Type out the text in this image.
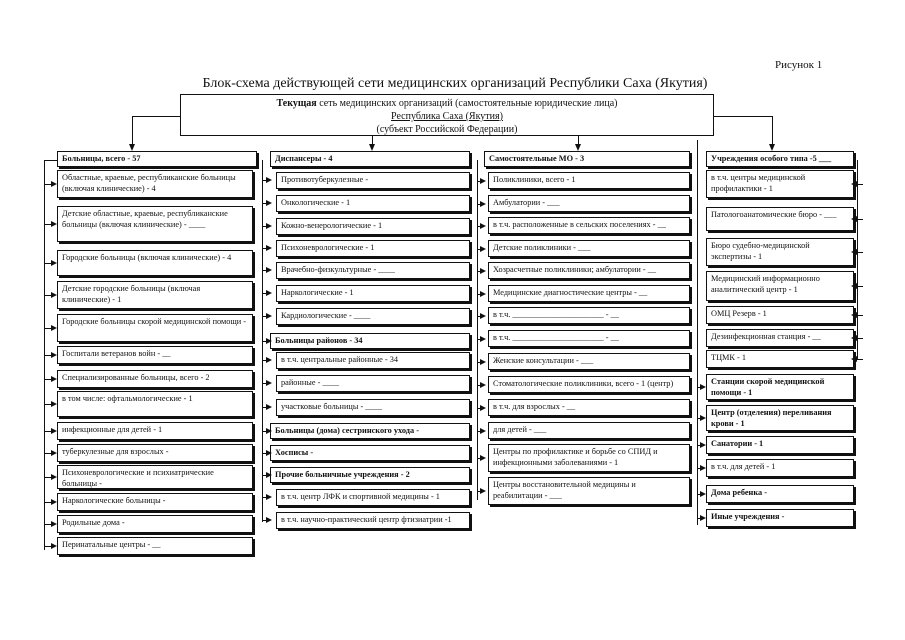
Рисунок 1
Блок-схема действующей сети медицинских организаций Республики Саха (Якутия)
Текущая сеть медицинских организаций (самостоятельные юридические лица)
Республика Саха (Якутия)
(субъект Российской Федерации)
Больницы, всего - 57	Диспансеры - 4	Самостоятельные МО - 3	Учреждения особого типа -5 ___
Областные, краевые, республиканские больницы (включая клинические) - 4
Детские областные, краевые, республиканские больницы (включая клинические) - ____
Городские больницы (включая клинические) - 4
Детские городские больницы (включая клинические) - 1
Городские больницы скорой медицинской помощи -
Госпитали ветеранов войн - __
Специализированные больницы, всего - 2
в том числе: офтальмологические - 1
инфекционные для детей - 1
туберкулезные для взрослых -
Психоневрологические и психиатрические больницы -
Наркологические больницы -
Родильные дома -
Перинатальные центры - __
Противотуберкулезные -
Онкологические - 1
Кожно-венерологические - 1
Психоневрологические - 1
Врачебно-физкультурные - ____
Наркологические - 1
Кардиологические - ____
Больницы районов - 34
в т.ч. центральные районные - 34
районные - ____
участковые больницы - ____
Больницы (дома) сестринского ухода -
Хосписы -
Прочие больничные учреждения - 2
в т.ч. центр ЛФК и спортивной медицины - 1
в т.ч. научно-практический центр фтизиатрии -1
Поликлиники, всего - 1
Амбулатории - ___
в т.ч. расположенные в сельских поселениях - __
Детские поликлиники - ___
Хозрасчетные поликлиники; амбулатории - __
Медицинские диагностические центры - __
в т.ч. ______________________ - __
в т.ч. ______________________ - __
Женские консультации - ___
Стоматологические поликлиники, всего - 1 (центр)
в т.ч. для взрослых - __
для детей - ___
Центры по профилактике и борьбе со СПИД и инфекционными заболеваниями - 1
Центры восстановительной медицины и реабилитации - ___
в т.ч. центры медицинской профилактики - 1
Патологоанатомические бюро - ___
Бюро судебно-медицинской экспертизы - 1
Медицинский информационно аналитический центр - 1
ОМЦ Резерв - 1
Дезинфекционная станция - __
ТЦМК - 1
Станции скорой медицинской помощи - 1
Центр (отделения) переливания крови - 1
Санатории - 1
в т.ч. для детей - 1
Дома ребенка -
Иные учреждения -
